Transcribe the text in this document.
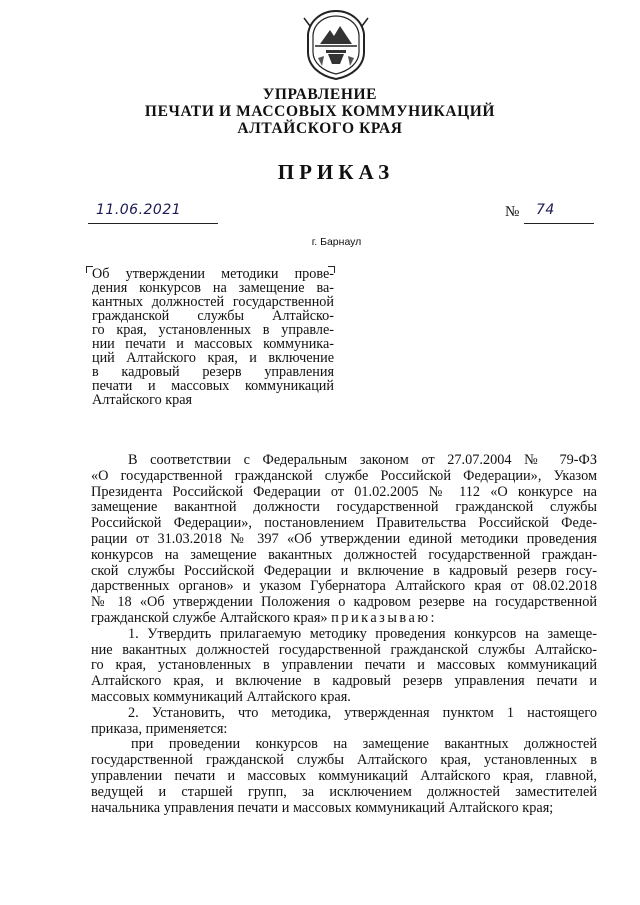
УПРАВЛЕНИЕ
ПЕЧАТИ И МАССОВЫХ КОММУНИКАЦИЙ
АЛТАЙСКОГО КРАЯ
ПРИКАЗ
11.06.2021	№ 74
г. Барнаул
Об утверждении методики прове-
дения конкурсов на замещение ва-
кантных должностей государственной
гражданской службы Алтайско-
го края, установленных в управле-
нии печати и массовых коммуника-
ций Алтайского края, и включение
в кадровый резерв управления
печати и массовых коммуникаций
Алтайского края
В соответствии с Федеральным законом от 27.07.2004 № 79-ФЗ
«О государственной гражданской службе Российской Федерации», Указом
Президента Российской Федерации от 01.02.2005 № 112 «О конкурсе на
замещение вакантной должности государственной гражданской службы
Российской Федерации», постановлением Правительства Российской Феде-
рации от 31.03.2018 № 397 «Об утверждении единой методики проведения
конкурсов на замещение вакантных должностей государственной граждан-
ской службы Российской Федерации и включение в кадровый резерв госу-
дарственных органов» и указом Губернатора Алтайского края от 08.02.2018
№ 18 «Об утверждении Положения о кадровом резерве на государственной
гражданской службе Алтайского края» приказываю:
1. Утвердить прилагаемую методику проведения конкурсов на замеще-
ние вакантных должностей государственной гражданской службы Алтайско-
го края, установленных в управлении печати и массовых коммуникаций
Алтайского края, и включение в кадровый резерв управления печати и
массовых коммуникаций Алтайского края.
2. Установить, что методика, утвержденная пунктом 1 настоящего
приказа, применяется:
при проведении конкурсов на замещение вакантных должностей
государственной гражданской службы Алтайского края, установленных в
управлении печати и массовых коммуникаций Алтайского края, главной,
ведущей и старшей групп, за исключением должностей заместителей
начальника управления печати и массовых коммуникаций Алтайского края;
